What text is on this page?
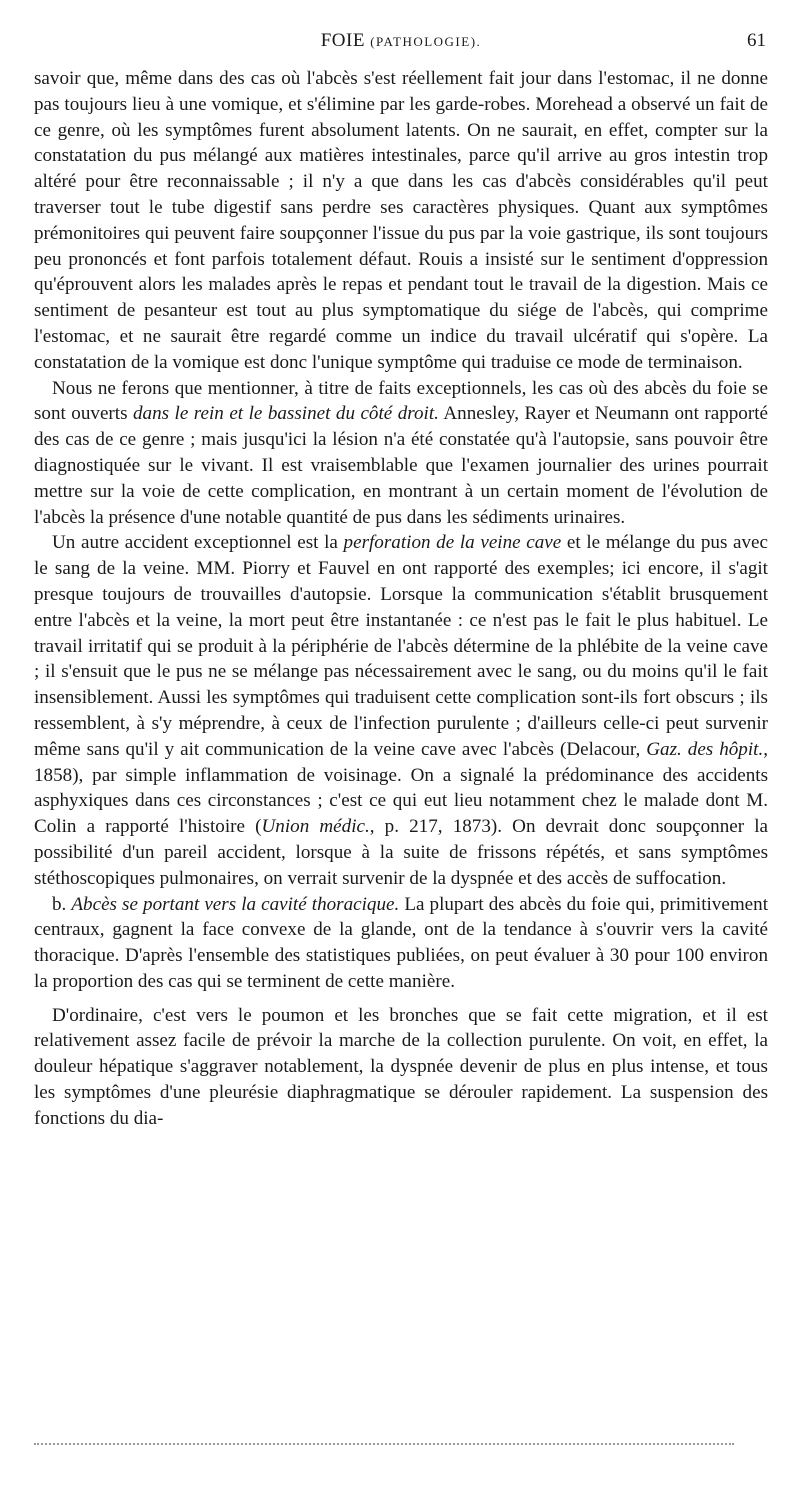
FOIE (PATHOLOGIE).	61

savoir que, même dans des cas où l'abcès s'est réellement fait jour dans l'estomac, il ne donne pas toujours lieu à une vomique, et s'élimine par les garde-robes. Morehead a observé un fait de ce genre, où les symptômes furent absolument latents. On ne saurait, en effet, compter sur la constatation du pus mélangé aux matières intestinales, parce qu'il arrive au gros intestin trop altéré pour être reconnaissable ; il n'y a que dans les cas d'abcès considérables qu'il peut traverser tout le tube digestif sans perdre ses caractères physiques. Quant aux symptômes prémonitoires qui peuvent faire soupçonner l'issue du pus par la voie gastrique, ils sont toujours peu prononcés et font parfois totalement défaut. Rouis a insisté sur le sentiment d'oppression qu'éprouvent alors les malades après le repas et pendant tout le travail de la digestion. Mais ce sentiment de pesanteur est tout au plus symptomatique du siége de l'abcès, qui comprime l'estomac, et ne saurait être regardé comme un indice du travail ulcératif qui s'opère. La constatation de la vomique est donc l'unique symptôme qui traduise ce mode de terminaison.

Nous ne ferons que mentionner, à titre de faits exceptionnels, les cas où des abcès du foie se sont ouverts dans le rein et le bassinet du côté droit. Annesley, Rayer et Neumann ont rapporté des cas de ce genre ; mais jusqu'ici la lésion n'a été constatée qu'à l'autopsie, sans pouvoir être diagnostiquée sur le vivant. Il est vraisemblable que l'examen journalier des urines pourrait mettre sur la voie de cette complication, en montrant à un certain moment de l'évolution de l'abcès la présence d'une notable quantité de pus dans les sédiments urinaires.

Un autre accident exceptionnel est la perforation de la veine cave et le mélange du pus avec le sang de la veine. MM. Piorry et Fauvel en ont rapporté des exemples; ici encore, il s'agit presque toujours de trouvailles d'autopsie. Lorsque la communication s'établit brusquement entre l'abcès et la veine, la mort peut être instantanée : ce n'est pas le fait le plus habituel. Le travail irritatif qui se produit à la périphérie de l'abcès détermine de la phlébite de la veine cave ; il s'ensuit que le pus ne se mélange pas nécessairement avec le sang, ou du moins qu'il le fait insensiblement. Aussi les symptômes qui traduisent cette complication sont-ils fort obscurs ; ils ressemblent, à s'y méprendre, à ceux de l'infection purulente ; d'ailleurs celle-ci peut survenir même sans qu'il y ait communication de la veine cave avec l'abcès (Delacour, Gaz. des hôpit., 1858), par simple inflammation de voisinage. On a signalé la prédominance des accidents asphyxiques dans ces circonstances ; c'est ce qui eut lieu notamment chez le malade dont M. Colin a rapporté l'histoire (Union médic., p. 217, 1873). On devrait donc soupçonner la possibilité d'un pareil accident, lorsque à la suite de frissons répétés, et sans symptômes stéthoscopiques pulmonaires, on verrait survenir de la dyspnée et des accès de suffocation.

b. Abcès se portant vers la cavité thoracique. La plupart des abcès du foie qui, primitivement centraux, gagnent la face convexe de la glande, ont de la tendance à s'ouvrir vers la cavité thoracique. D'après l'ensemble des statistiques publiées, on peut évaluer à 30 pour 100 environ la proportion des cas qui se terminent de cette manière.

D'ordinaire, c'est vers le poumon et les bronches que se fait cette migration, et il est relativement assez facile de prévoir la marche de la collection purulente. On voit, en effet, la douleur hépatique s'aggraver notablement, la dyspnée devenir de plus en plus intense, et tous les symptômes d'une pleurésie diaphragmatique se dérouler rapidement. La suspension des fonctions du dia-
